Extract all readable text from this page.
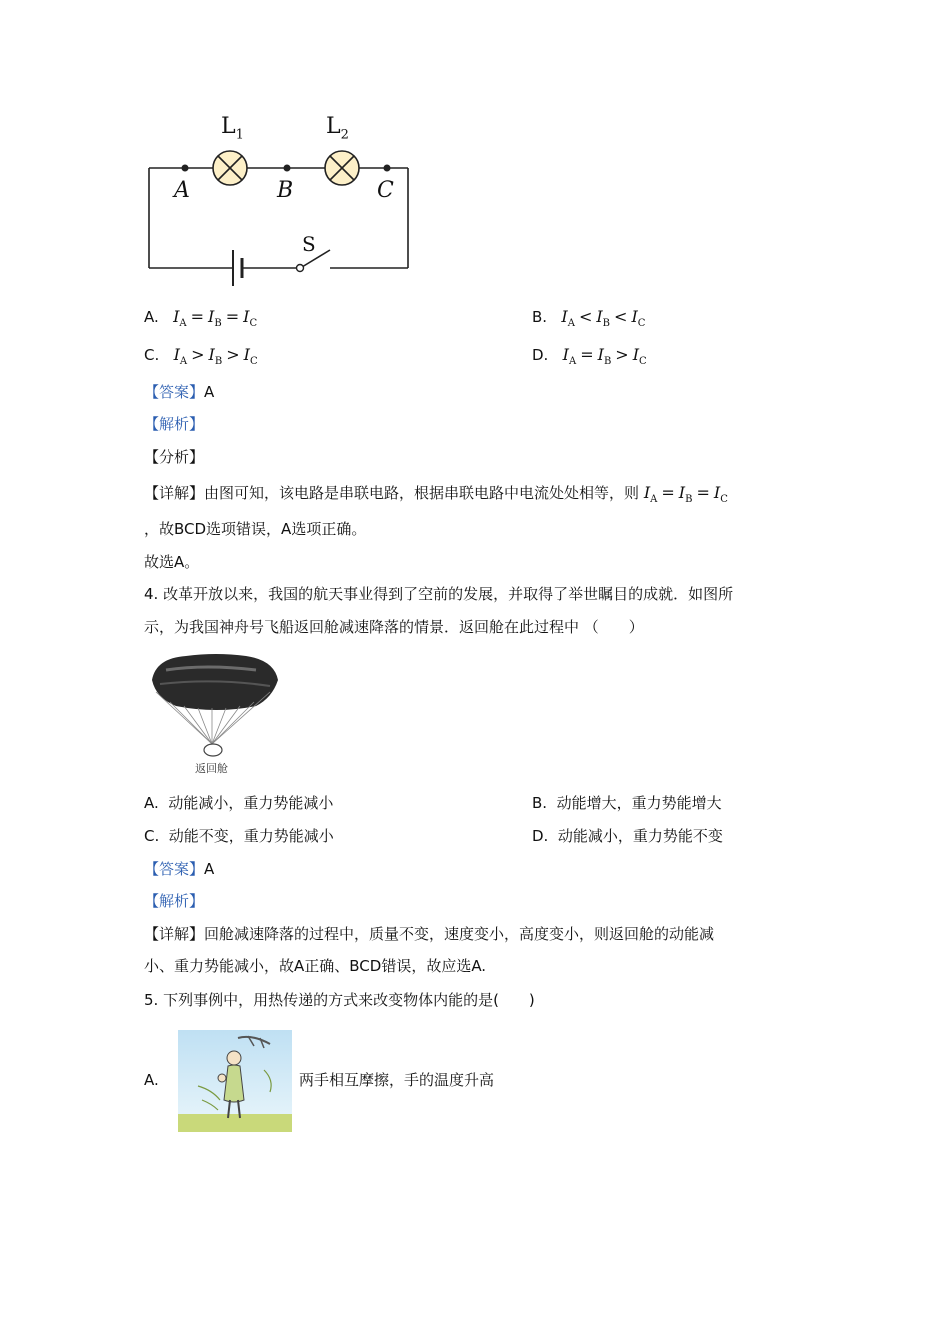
$L_1$	$L_2$
A	B	C
S
A. $I_A = I_B = I_C$	B. $I_A < I_B < I_C$
C. $I_A > I_B > I_C$	D. $I_A = I_B > I_C$
【答案】A
【解析】
【分析】
【详解】由图可知，该电路是串联电路，根据串联电路中电流处处相等，则 $I_A = I_B = I_C$
，故BCD选项错误，A选项正确。
故选A。
4. 改革开放以来，我国的航天事业得到了空前的发展，并取得了举世瞩目的成就．如图所
示，为我国神舟号飞船返回舱减速降落的情景．返回舱在此过程中 （　　）
返回舱
A. 动能减小，重力势能减小	B. 动能增大，重力势能增大
C. 动能不变，重力势能减小	D. 动能减小，重力势能不变
【答案】A
【解析】
【详解】回舱减速降落的过程中，质量不变，速度变小，高度变小，则返回舱的动能减
小、重力势能减小，故A正确、BCD错误，故应选A.
5. 下列事例中，用热传递的方式来改变物体内能的是(　　)
A.	两手相互摩擦，手的温度升高
